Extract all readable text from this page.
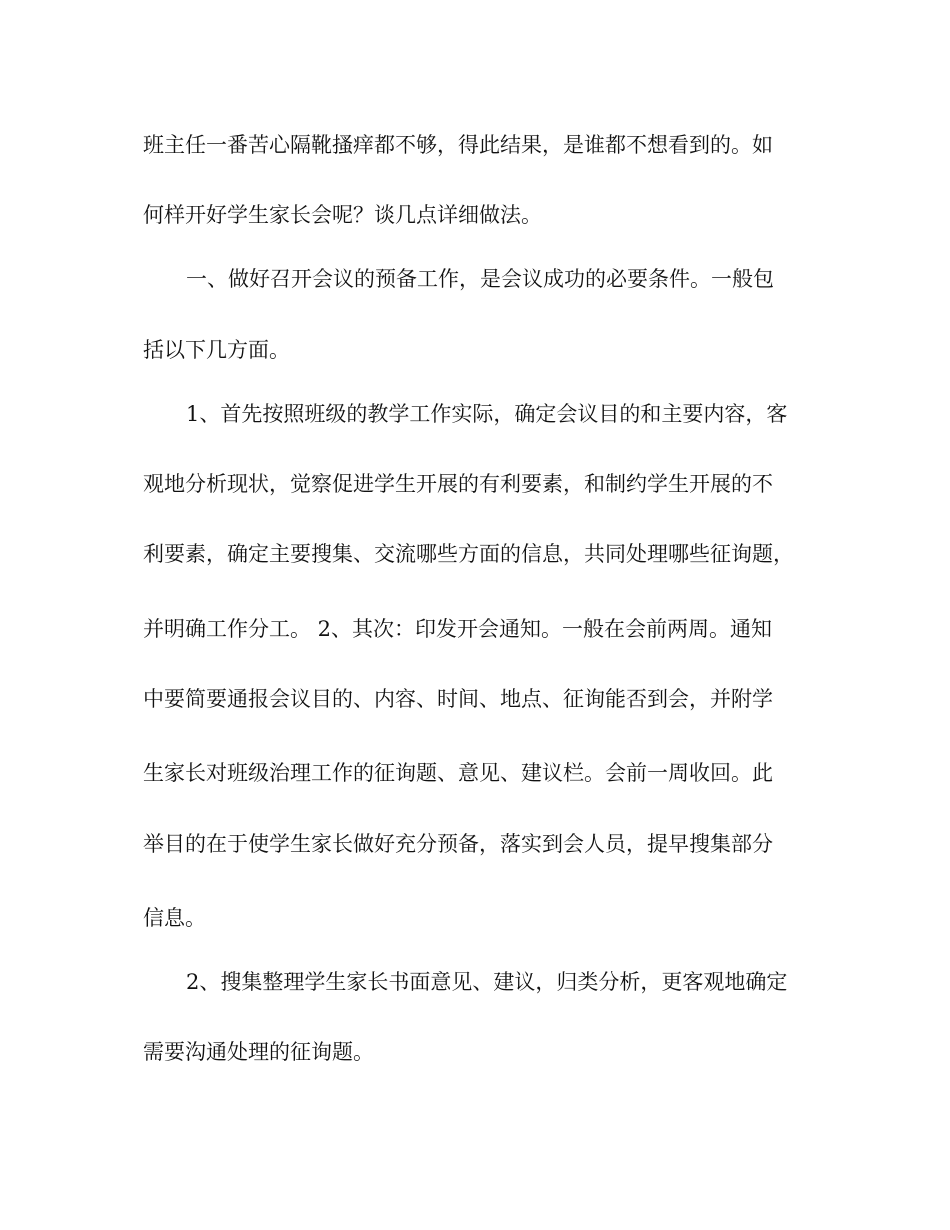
班主任一番苦心隔靴搔痒都不够，得此结果，是谁都不想看到的。如

何样开好学生家长会呢？谈几点详细做法。

一、做好召开会议的预备工作，是会议成功的必要条件。一般包

括以下几方面。

1、首先按照班级的教学工作实际，确定会议目的和主要内容，客

观地分析现状，觉察促进学生开展的有利要素，和制约学生开展的不

利要素，确定主要搜集、交流哪些方面的信息，共同处理哪些征询题，

并明确工作分工。 2、其次：印发开会通知。一般在会前两周。通知

中要简要通报会议目的、内容、时间、地点、征询能否到会，并附学

生家长对班级治理工作的征询题、意见、建议栏。会前一周收回。此

举目的在于使学生家长做好充分预备，落实到会人员，提早搜集部分

信息。

2、搜集整理学生家长书面意见、建议，归类分析，更客观地确定

需要沟通处理的征询题。
